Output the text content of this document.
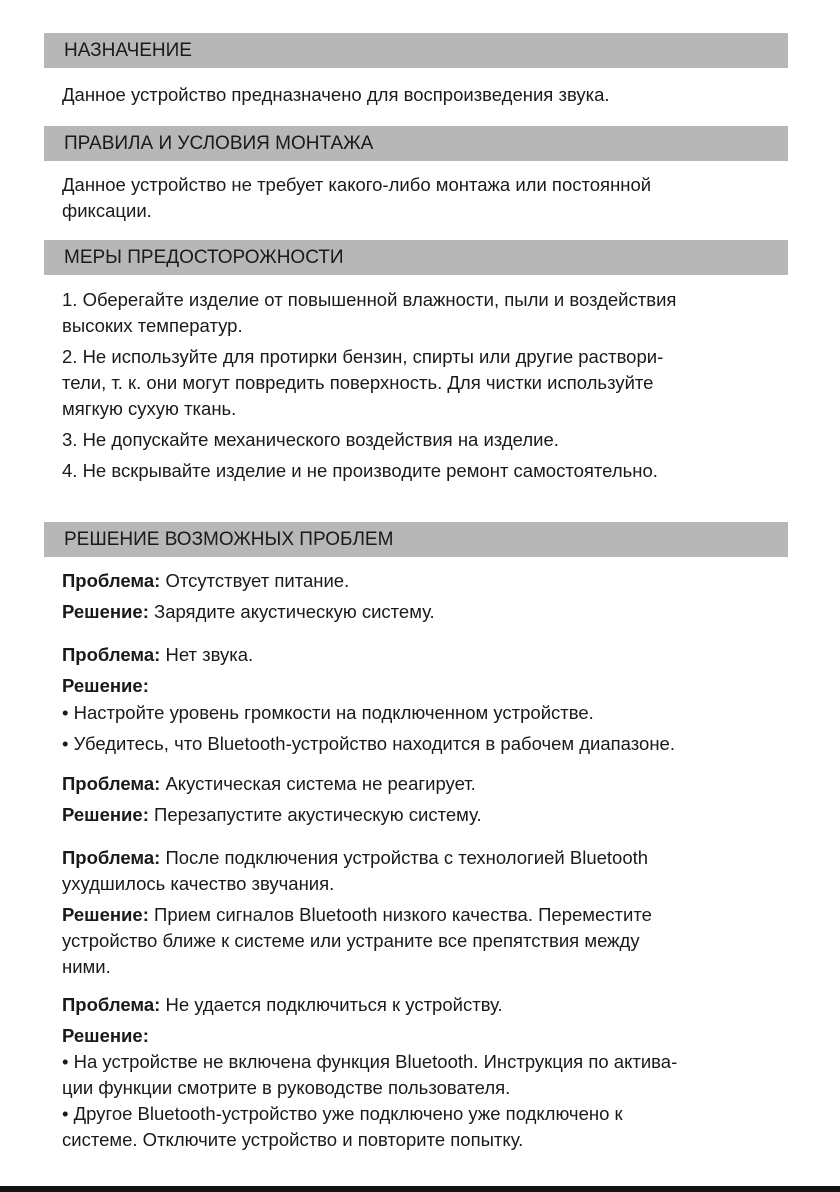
НАЗНАЧЕНИЕ
Данное устройство предназначено для воспроизведения звука.
ПРАВИЛА И УСЛОВИЯ МОНТАЖА
Данное устройство не требует какого-либо монтажа или постоянной
фиксации.
МЕРЫ ПРЕДОСТОРОЖНОСТИ
1. Оберегайте изделие от повышенной влажности, пыли и воздействия
высоких температур.
2. Не используйте для протирки бензин, спирты или другие раствори-
тели, т. к. они могут повредить поверхность. Для чистки используйте
мягкую сухую ткань.
3. Не допускайте механического воздействия на изделие.
4. Не вскрывайте изделие и не производите ремонт самостоятельно.
РЕШЕНИЕ ВОЗМОЖНЫХ ПРОБЛЕМ
Проблема: Отсутствует питание.
Решение: Зарядите акустическую систему.
Проблема: Нет звука.
Решение:
• Настройте уровень громкости на подключенном устройстве.
• Убедитесь, что Bluetooth-устройство находится в рабочем диапазоне.
Проблема: Акустическая система не реагирует.
Решение: Перезапустите акустическую систему.
Проблема: После подключения устройства с технологией Bluetooth
ухудшилось качество звучания.
Решение: Прием сигналов Bluetooth низкого качества. Переместите
устройство ближе к системе или устраните все препятствия между
ними.
Проблема: Не удается подключиться к устройству.
Решение:
• На устройстве не включена функция Bluetooth. Инструкция по актива-
ции функции смотрите в руководстве пользователя.
• Другое Bluetooth-устройство уже подключено уже подключено к
системе. Отключите устройство и повторите попытку.
